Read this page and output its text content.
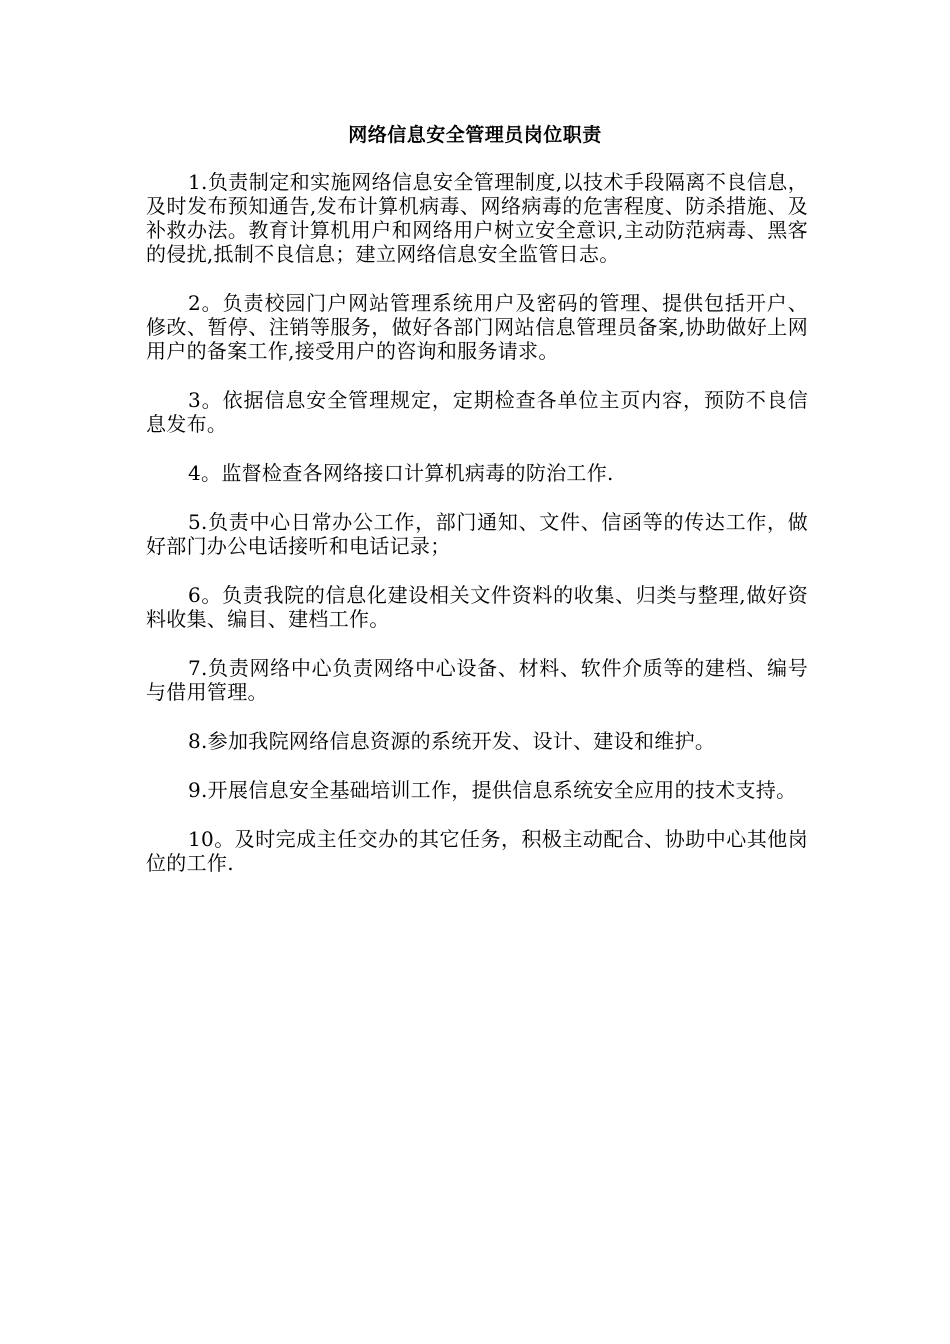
网络信息安全管理员岗位职责

1.负责制定和实施网络信息安全管理制度,以技术手段隔离不良信息，及时发布预知通告,发布计算机病毒、网络病毒的危害程度、防杀措施、及补救办法。教育计算机用户和网络用户树立安全意识,主动防范病毒、黑客的侵扰,抵制不良信息；建立网络信息安全监管日志。

2。负责校园门户网站管理系统用户及密码的管理、提供包括开户、修改、暂停、注销等服务，做好各部门网站信息管理员备案,协助做好上网用户的备案工作,接受用户的咨询和服务请求。

3。依据信息安全管理规定，定期检查各单位主页内容，预防不良信息发布。

4。监督检查各网络接口计算机病毒的防治工作.

5.负责中心日常办公工作，部门通知、文件、信函等的传达工作，做好部门办公电话接听和电话记录；

6。负责我院的信息化建设相关文件资料的收集、归类与整理,做好资料收集、编目、建档工作。

7.负责网络中心负责网络中心设备、材料、软件介质等的建档、编号与借用管理。

8.参加我院网络信息资源的系统开发、设计、建设和维护。

9.开展信息安全基础培训工作，提供信息系统安全应用的技术支持。

10。及时完成主任交办的其它任务，积极主动配合、协助中心其他岗位的工作.
